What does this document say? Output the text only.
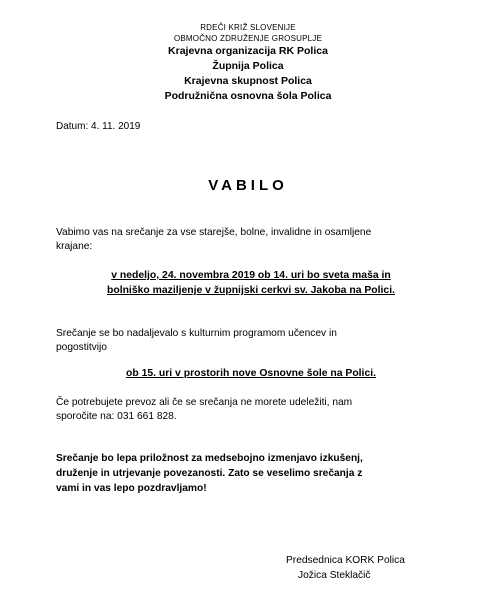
RDEČI KRIŽ SLOVENIJE
OBMOČNO ZDRUŽENJE GROSUPLJE
Krajevna organizacija RK Polica
Župnija Polica
Krajevna skupnost Polica
Podružnična osnovna šola Polica
Datum: 4. 11. 2019
VABILO
Vabimo vas na srečanje za vse starejše, bolne, invalidne in osamljene
krajane:
v nedeljo, 24. novembra 2019 ob 14. uri bo sveta maša in
bolniško maziljenje v župnijski cerkvi sv. Jakoba na Polici.
Srečanje se bo nadaljevalo s kulturnim programom učencev in
pogostitvijo
ob 15. uri v prostorih nove Osnovne šole na Polici.
Če potrebujete prevoz ali če se srečanja ne morete udeležiti, nam
sporočite na: 031 661 828.
Srečanje bo lepa priložnost za medsebojno izmenjavo izkušenj,
druženje in utrjevanje povezanosti. Zato se veselimo srečanja z
vami in vas lepo pozdravljamo!
Predsednica KORK Polica
Jožica Steklačič
